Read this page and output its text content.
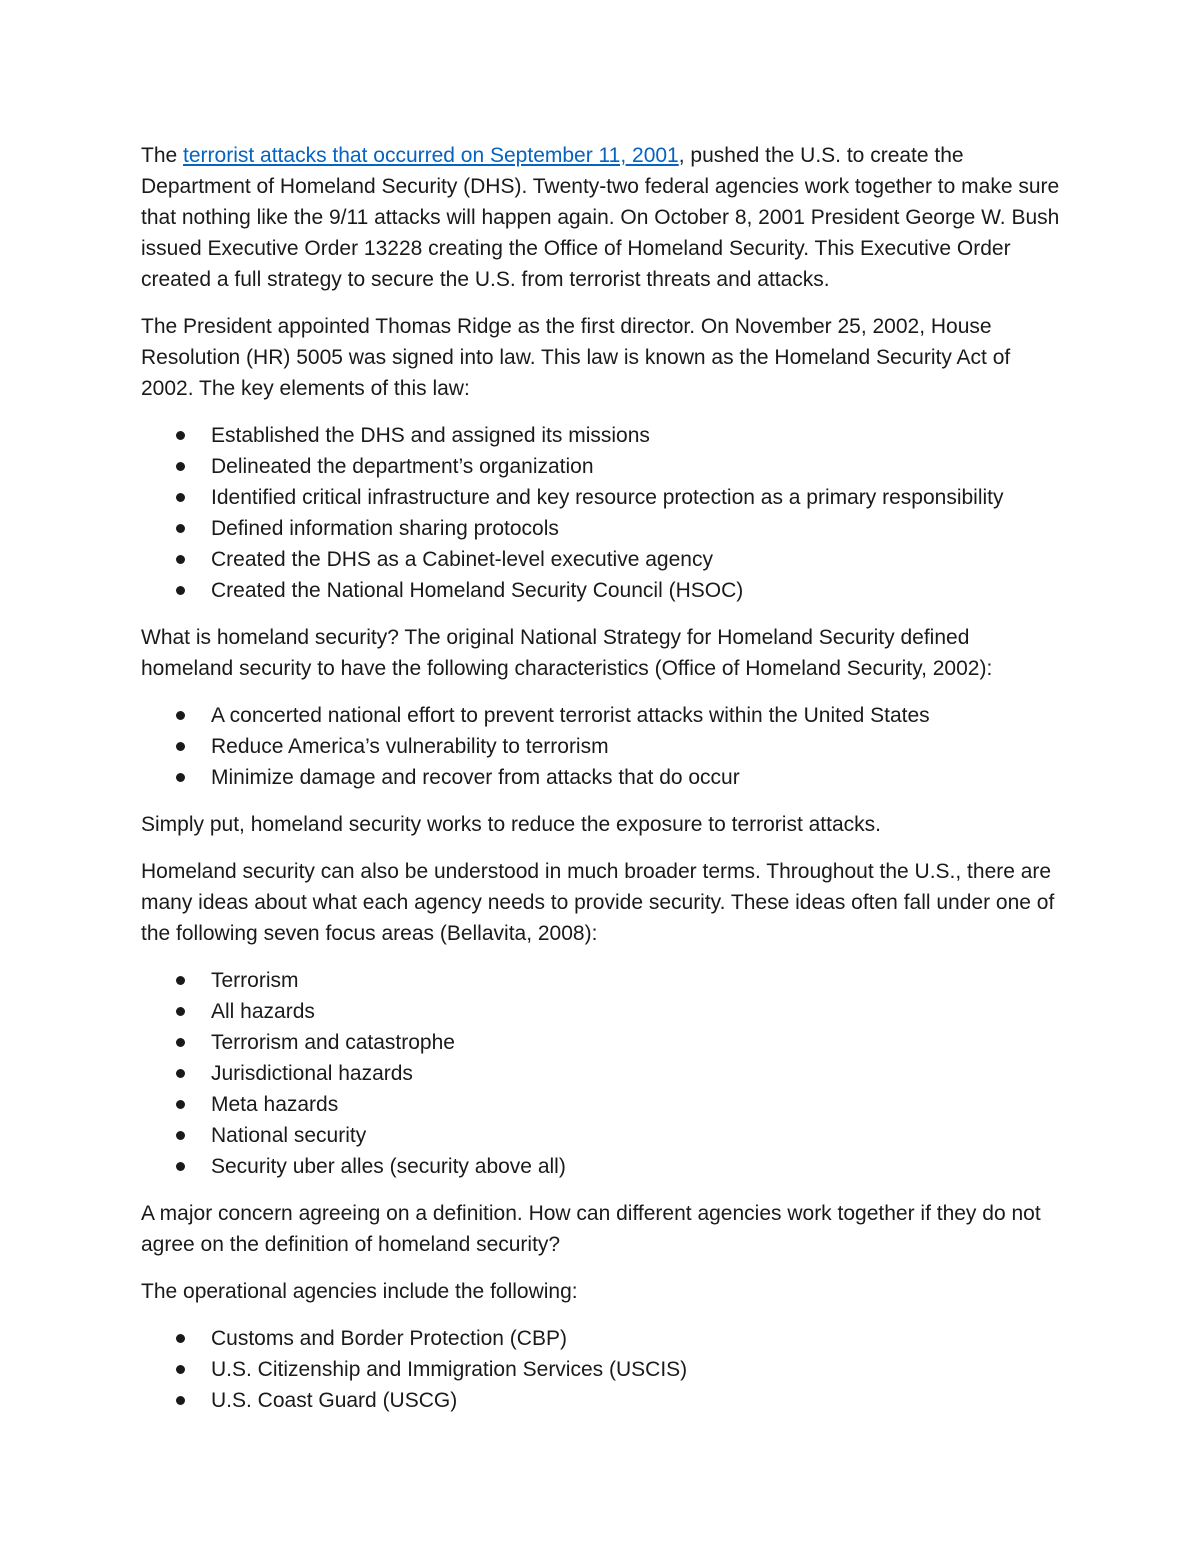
The terrorist attacks that occurred on September 11, 2001, pushed the U.S. to create the Department of Homeland Security (DHS). Twenty-two federal agencies work together to make sure that nothing like the 9/11 attacks will happen again. On October 8, 2001 President George W. Bush issued Executive Order 13228 creating the Office of Homeland Security. This Executive Order created a full strategy to secure the U.S. from terrorist threats and attacks.

The President appointed Thomas Ridge as the first director. On November 25, 2002, House Resolution (HR) 5005 was signed into law. This law is known as the Homeland Security Act of 2002. The key elements of this law:

Established the DHS and assigned its missions
Delineated the department’s organization
Identified critical infrastructure and key resource protection as a primary responsibility
Defined information sharing protocols
Created the DHS as a Cabinet-level executive agency
Created the National Homeland Security Council (HSOC)

What is homeland security? The original National Strategy for Homeland Security defined homeland security to have the following characteristics (Office of Homeland Security, 2002):

A concerted national effort to prevent terrorist attacks within the United States
Reduce America’s vulnerability to terrorism
Minimize damage and recover from attacks that do occur

Simply put, homeland security works to reduce the exposure to terrorist attacks.

Homeland security can also be understood in much broader terms. Throughout the U.S., there are many ideas about what each agency needs to provide security. These ideas often fall under one of the following seven focus areas (Bellavita, 2008):

Terrorism
All hazards
Terrorism and catastrophe
Jurisdictional hazards
Meta hazards
National security
Security uber alles (security above all)

A major concern agreeing on a definition. How can different agencies work together if they do not agree on the definition of homeland security?

The operational agencies include the following:

Customs and Border Protection (CBP)
U.S. Citizenship and Immigration Services (USCIS)
U.S. Coast Guard (USCG)
